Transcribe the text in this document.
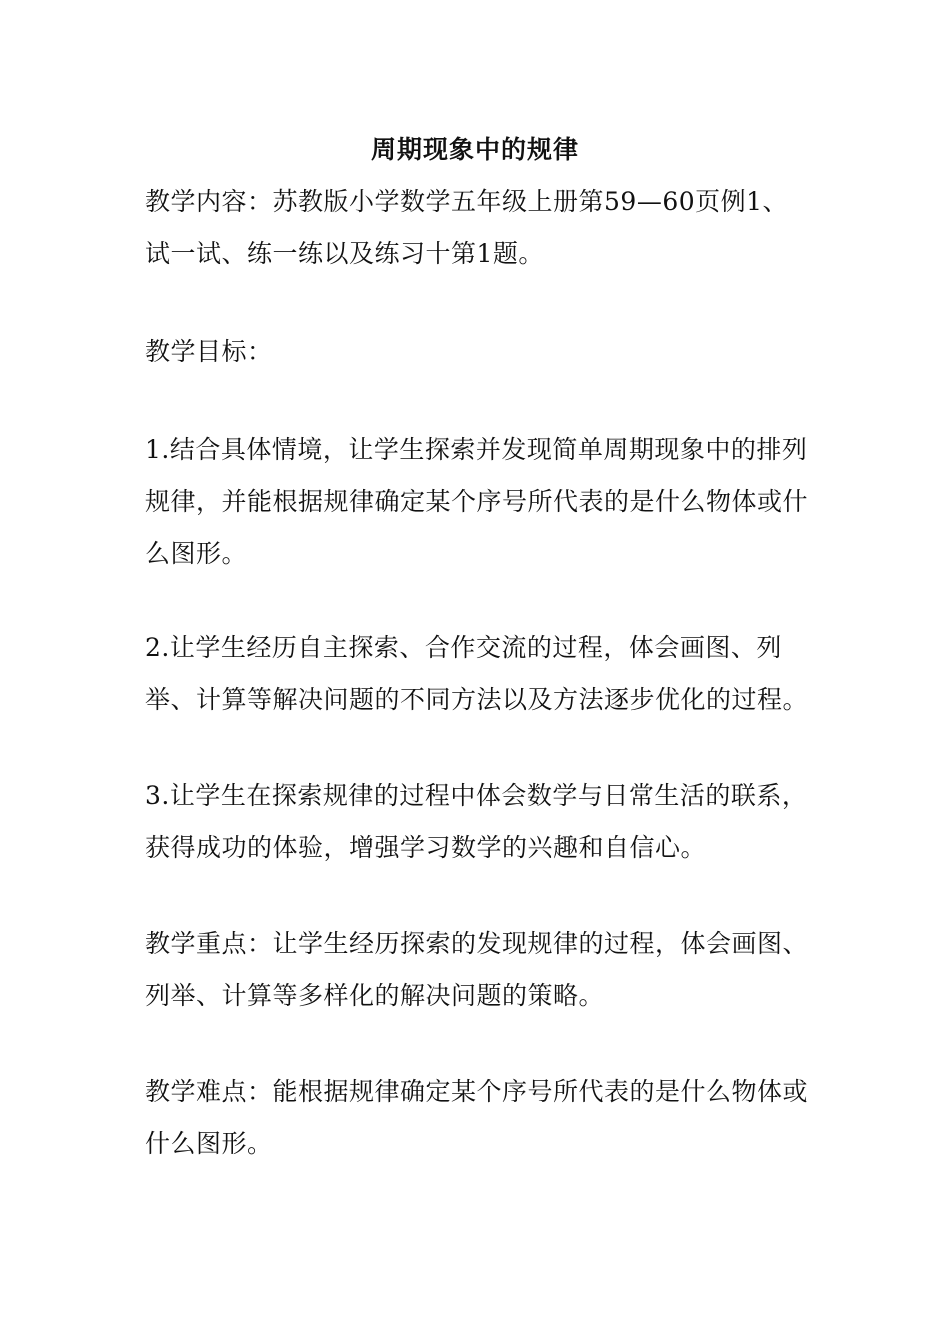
周期现象中的规律
教学内容：苏教版小学数学五年级上册第59—60页例1、试一试、练一练以及练习十第1题。
教学目标：
1.结合具体情境，让学生探索并发现简单周期现象中的排列规律，并能根据规律确定某个序号所代表的是什么物体或什么图形。
2.让学生经历自主探索、合作交流的过程，体会画图、列举、计算等解决问题的不同方法以及方法逐步优化的过程。
3.让学生在探索规律的过程中体会数学与日常生活的联系，获得成功的体验，增强学习数学的兴趣和自信心。
教学重点：让学生经历探索的发现规律的过程，体会画图、列举、计算等多样化的解决问题的策略。
教学难点：能根据规律确定某个序号所代表的是什么物体或什么图形。
